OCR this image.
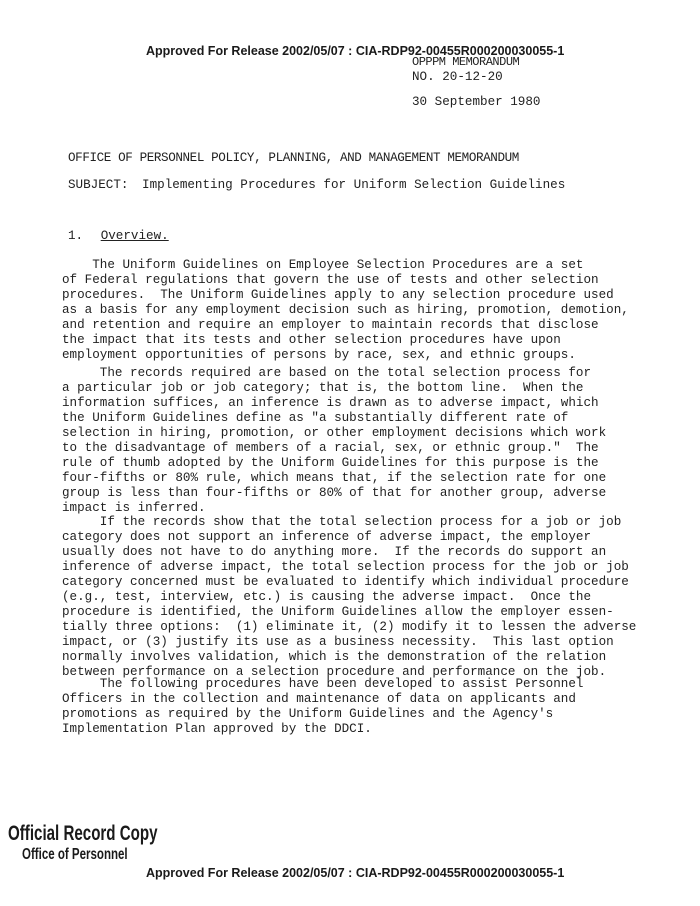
Approved For Release 2002/05/07 : CIA-RDP92-00455R000200030055-1
OPPPM MEMORANDUM
NO. 20-12-20
30 September 1980
OFFICE OF PERSONNEL POLICY, PLANNING, AND MANAGEMENT MEMORANDUM
SUBJECT: Implementing Procedures for Uniform Selection Guidelines
1. Overview.
The Uniform Guidelines on Employee Selection Procedures are a set
of Federal regulations that govern the use of tests and other selection
procedures.  The Uniform Guidelines apply to any selection procedure used
as a basis for any employment decision such as hiring, promotion, demotion,
and retention and require an employer to maintain records that disclose
the impact that its tests and other selection procedures have upon
employment opportunities of persons by race, sex, and ethnic groups.
The records required are based on the total selection process for
a particular job or job category; that is, the bottom line.  When the
information suffices, an inference is drawn as to adverse impact, which
the Uniform Guidelines define as "a substantially different rate of
selection in hiring, promotion, or other employment decisions which work
to the disadvantage of members of a racial, sex, or ethnic group."  The
rule of thumb adopted by the Uniform Guidelines for this purpose is the
four-fifths or 80% rule, which means that, if the selection rate for one
group is less than four-fifths or 80% of that for another group, adverse
impact is inferred.
If the records show that the total selection process for a job or job
category does not support an inference of adverse impact, the employer
usually does not have to do anything more.  If the records do support an
inference of adverse impact, the total selection process for the job or job
category concerned must be evaluated to identify which individual procedure
(e.g., test, interview, etc.) is causing the adverse impact.  Once the
procedure is identified, the Uniform Guidelines allow the employer essen-
tially three options:  (1) eliminate it, (2) modify it to lessen the adverse
impact, or (3) justify its use as a business necessity.  This last option
normally involves validation, which is the demonstration of the relation
between performance on a selection procedure and performance on the job.
The following procedures have been developed to assist Personnel
Officers in the collection and maintenance of data on applicants and
promotions as required by the Uniform Guidelines and the Agency's
Implementation Plan approved by the DDCI.
Official Record Copy
Office of Personnel
Approved For Release 2002/05/07 : CIA-RDP92-00455R000200030055-1
